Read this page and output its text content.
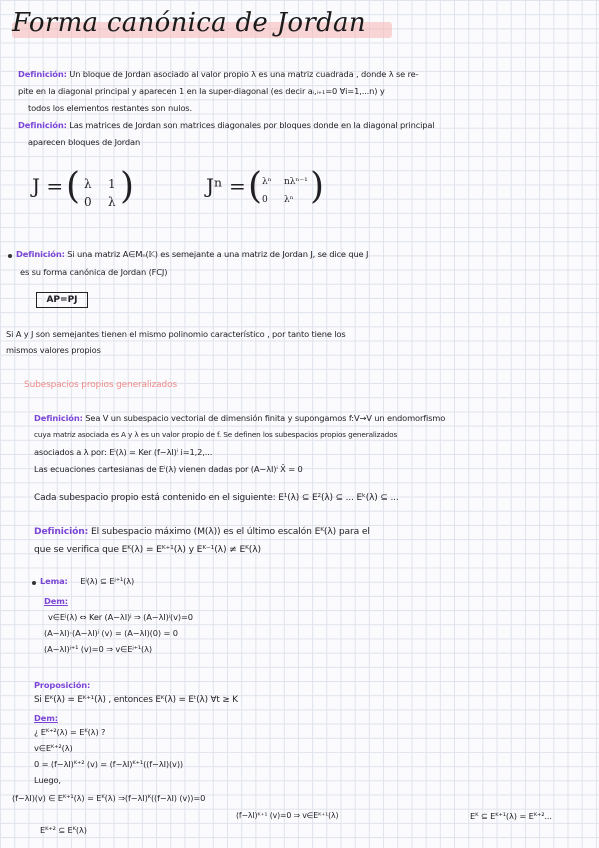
Forma canónica de Jordan
Definición: Un bloque de Jordan asociado al valor propio λ es una matriz cuadrada , donde λ se re-
pite en la diagonal principal y aparecen 1 en la super-diagonal (es decir aᵢ,ᵢ₊₁=0 ∀i=1,...n) y
todos los elementos restantes son nulos.
Definición: Las matrices de Jordan son matrices diagonales por bloques donde en la diagonal principal
aparecen bloques de Jordan
J = ( λ 1
0 λ )	Jⁿ = ( λⁿ nλⁿ⁻¹
0 λⁿ )
Definición: Si una matriz A∈Mₙ(𝕂) es semejante a una matriz de Jordan J, se dice que J
es su forma canónica de Jordan (FCJ)
AP=PJ
Si A y J son semejantes tienen el mismo polinomio característico , por tanto tiene los
mismos valores propios
Subespacios propios generalizados
Definición: Sea V un subespacio vectorial de dimensión finita y supongamos f:V→V un endomorfismo
cuya matriz asociada es A y λ es un valor propio de f. Se definen los subespacios propios generalizados
asociados a λ por: Eⁱ(λ) = Ker (f−λI)ⁱ i=1,2,...
Las ecuaciones cartesianas de Eⁱ(λ) vienen dadas por (A−λI)ⁱ X̄ = 0
Cada subespacio propio está contenido en el siguiente: E¹(λ) ⊆ E²(λ) ⊆ ... Eᵏ(λ) ⊆ ...
Definición: El subespacio máximo (M(λ)) es el último escalón Eᴷ(λ) para el
que se verifica que Eᴷ(λ) = Eᴷ⁺¹(λ) y Eᴷ⁻¹(λ) ≠ Eᴷ(λ)
Lema: Eʲ(λ) ⊆ Eʲ⁺¹(λ)
Dem:
v∈Eʲ(λ) ⇔ Ker (A−λI)ʲ ⇒ (A−λI)ʲ(v)=0
(A−λI)·(A−λI)ʲ (v) = (A−λI)(0) = 0
(A−λI)ʲ⁺¹ (v)=0 ⇒ v∈Eʲ⁺¹(λ)
Proposición:
Si Eᴷ(λ) = Eᴷ⁺¹(λ) , entonces Eᴷ(λ) = Eᵗ(λ) ∀t ≥ K
Dem:
¿ Eᴷ⁺²(λ) = Eᴷ(λ) ?
v∈Eᴷ⁺²(λ)
0 = (f−λI)ᴷ⁺² (v) = (f−λI)ᴷ⁺¹((f−λI)(v))
Luego,
(f−λI)(v) ∈ Eᴷ⁺¹(λ) = Eᴷ(λ) ⇒(f−λI)ᴷ((f−λI) (v))=0
(f−λI)ᴷ⁺¹ (v)=0 ⇒ v∈Eᴷ⁺¹(λ)
Eᴷ⁺² ⊆ Eᴷ(λ)
Eᴷ ⊆ Eᴷ⁺¹(λ) = Eᴷ⁺²...
